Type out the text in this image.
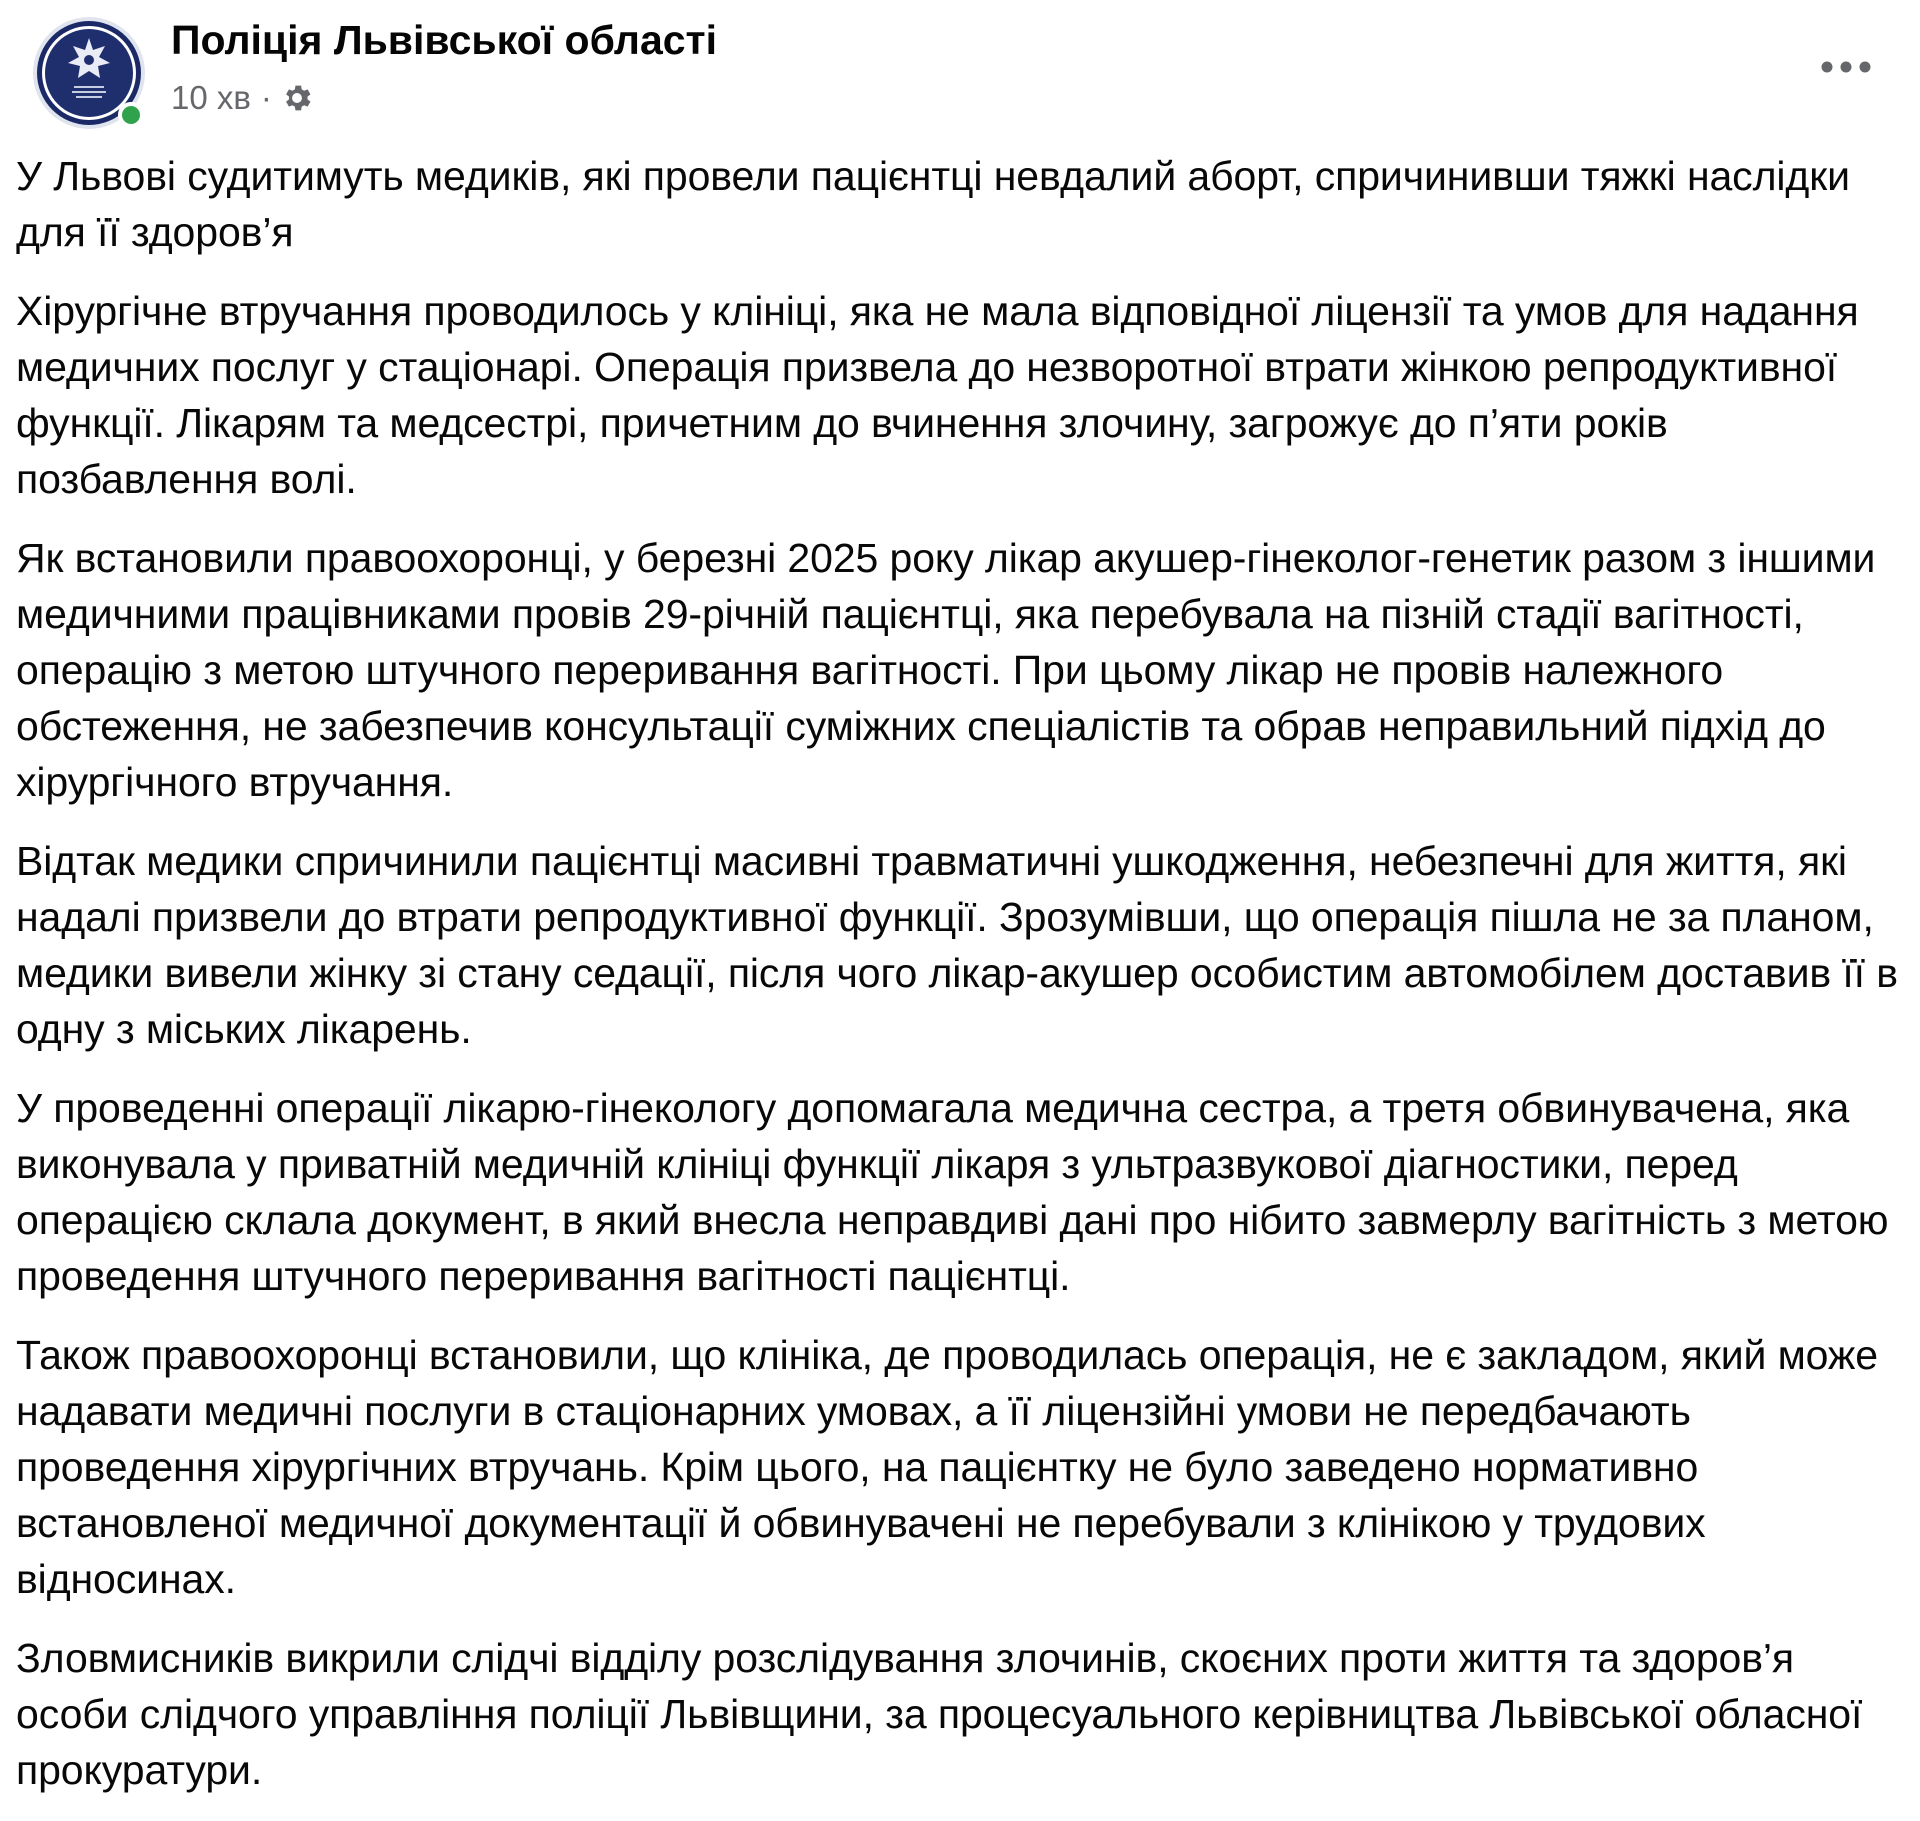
Поліція Львівської області
10 хв ·

У Львові судитимуть медиків, які провели пацієнтці невдалий аборт, спричинивши тяжкі наслідки для її здоров’я

Хірургічне втручання проводилось у клініці, яка не мала відповідної ліцензії та умов для надання медичних послуг у стаціонарі. Операція призвела до незворотної втрати жінкою репродуктивної функції. Лікарям та медсестрі, причетним до вчинення злочину, загрожує до п’яти років позбавлення волі.

Як встановили правоохоронці, у березні 2025 року лікар акушер-гінеколог-генетик разом з іншими медичними працівниками провів 29-річній пацієнтці, яка перебувала на пізній стадії вагітності, операцію з метою штучного переривання вагітності. При цьому лікар не провів належного обстеження, не забезпечив консультації суміжних спеціалістів та обрав неправильний підхід до хірургічного втручання.

Відтак медики спричинили пацієнтці масивні травматичні ушкодження, небезпечні для життя, які надалі призвели до втрати репродуктивної функції. Зрозумівши, що операція пішла не за планом, медики вивели жінку зі стану седації, після чого лікар-акушер особистим автомобілем доставив її в одну з міських лікарень.

У проведенні операції лікарю-гінекологу допомагала медична сестра, а третя обвинувачена, яка виконувала у приватній медичній клініці функції лікаря з ультразвукової діагностики, перед операцією склала документ, в який внесла неправдиві дані про нібито завмерлу вагітність з метою проведення штучного переривання вагітності пацієнтці.

Також правоохоронці встановили, що клініка, де проводилась операція, не є закладом, який може надавати медичні послуги в стаціонарних умовах, а її ліцензійні умови не передбачають проведення хірургічних втручань. Крім цього, на пацієнтку не було заведено нормативно встановленої медичної документації й обвинувачені не перебували з клінікою у трудових відносинах.

Зловмисників викрили слідчі відділу розслідування злочинів, скоєних проти життя та здоров’я особи слідчого управління поліції Львівщини, за процесуального керівництва Львівської обласної прокуратури.
